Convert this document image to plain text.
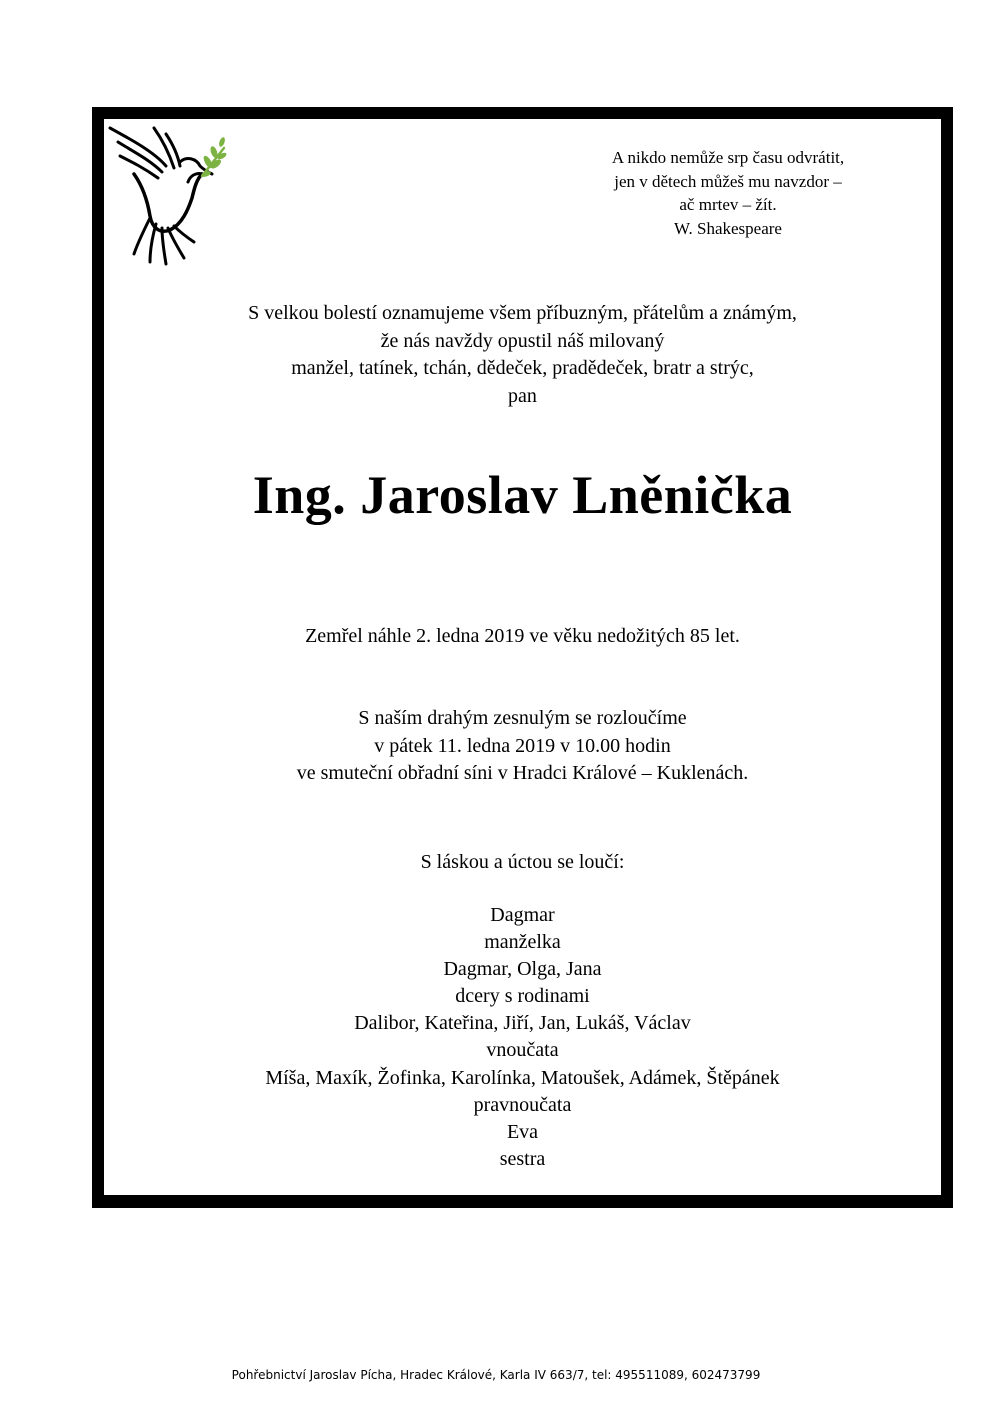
A nikdo nemůže srp času odvrátit,
jen v dětech můžeš mu navzdor –
ač mrtev – žít.
W. Shakespeare
S velkou bolestí oznamujeme všem příbuzným, přátelům a známým,
že nás navždy opustil náš milovaný
manžel, tatínek, tchán, dědeček, pradědeček, bratr a strýc,
pan
Ing. Jaroslav Lněnička
Zemřel náhle 2. ledna 2019 ve věku nedožitých 85 let.
S naším drahým zesnulým se rozloučíme
v pátek 11. ledna 2019 v 10.00 hodin
ve smuteční obřadní síni v Hradci Králové – Kuklenách.
S láskou a úctou se loučí:
Dagmar
manželka
Dagmar, Olga, Jana
dcery s rodinami
Dalibor, Kateřina, Jiří, Jan, Lukáš, Václav
vnoučata
Míša, Maxík, Žofinka, Karolínka, Matoušek, Adámek, Štěpánek
pravnoučata
Eva
sestra
Pohřebnictví Jaroslav Pícha, Hradec Králové, Karla IV 663/7, tel: 495511089, 602473799
